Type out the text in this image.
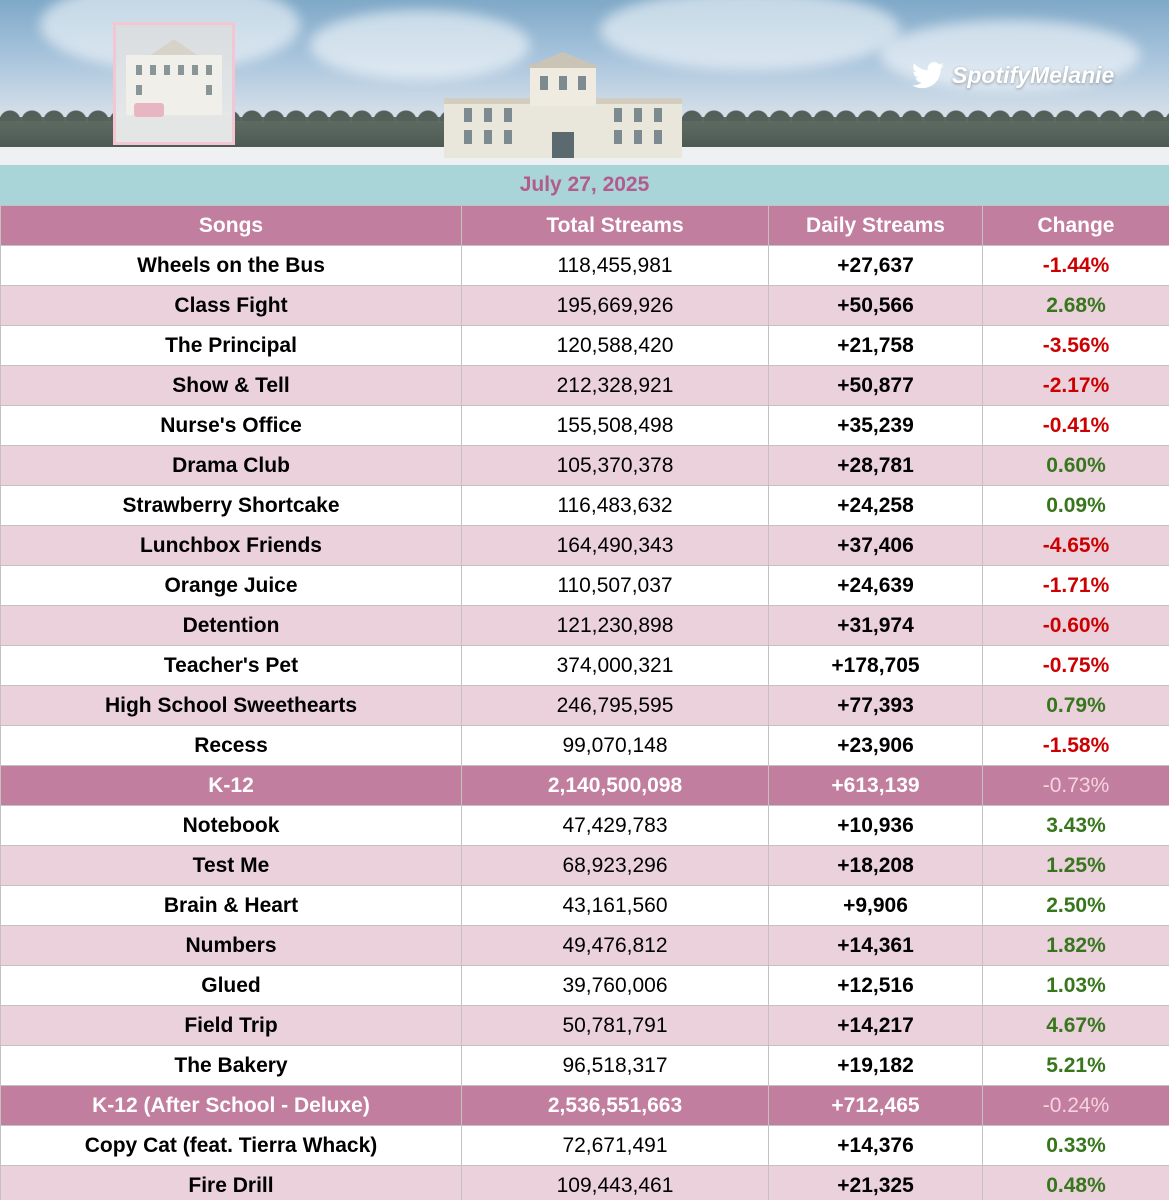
SpotifyMelanie
July 27, 2025
Songs	Total Streams	Daily Streams	Change
Wheels on the Bus	118,455,981	+27,637	-1.44%
Class Fight	195,669,926	+50,566	2.68%
The Principal	120,588,420	+21,758	-3.56%
Show & Tell	212,328,921	+50,877	-2.17%
Nurse's Office	155,508,498	+35,239	-0.41%
Drama Club	105,370,378	+28,781	0.60%
Strawberry Shortcake	116,483,632	+24,258	0.09%
Lunchbox Friends	164,490,343	+37,406	-4.65%
Orange Juice	110,507,037	+24,639	-1.71%
Detention	121,230,898	+31,974	-0.60%
Teacher's Pet	374,000,321	+178,705	-0.75%
High School Sweethearts	246,795,595	+77,393	0.79%
Recess	99,070,148	+23,906	-1.58%
K-12	2,140,500,098	+613,139	-0.73%
Notebook	47,429,783	+10,936	3.43%
Test Me	68,923,296	+18,208	1.25%
Brain & Heart	43,161,560	+9,906	2.50%
Numbers	49,476,812	+14,361	1.82%
Glued	39,760,006	+12,516	1.03%
Field Trip	50,781,791	+14,217	4.67%
The Bakery	96,518,317	+19,182	5.21%
K-12 (After School - Deluxe)	2,536,551,663	+712,465	-0.24%
Copy Cat (feat. Tierra Whack)	72,671,491	+14,376	0.33%
Fire Drill	109,443,461	+21,325	0.48%
